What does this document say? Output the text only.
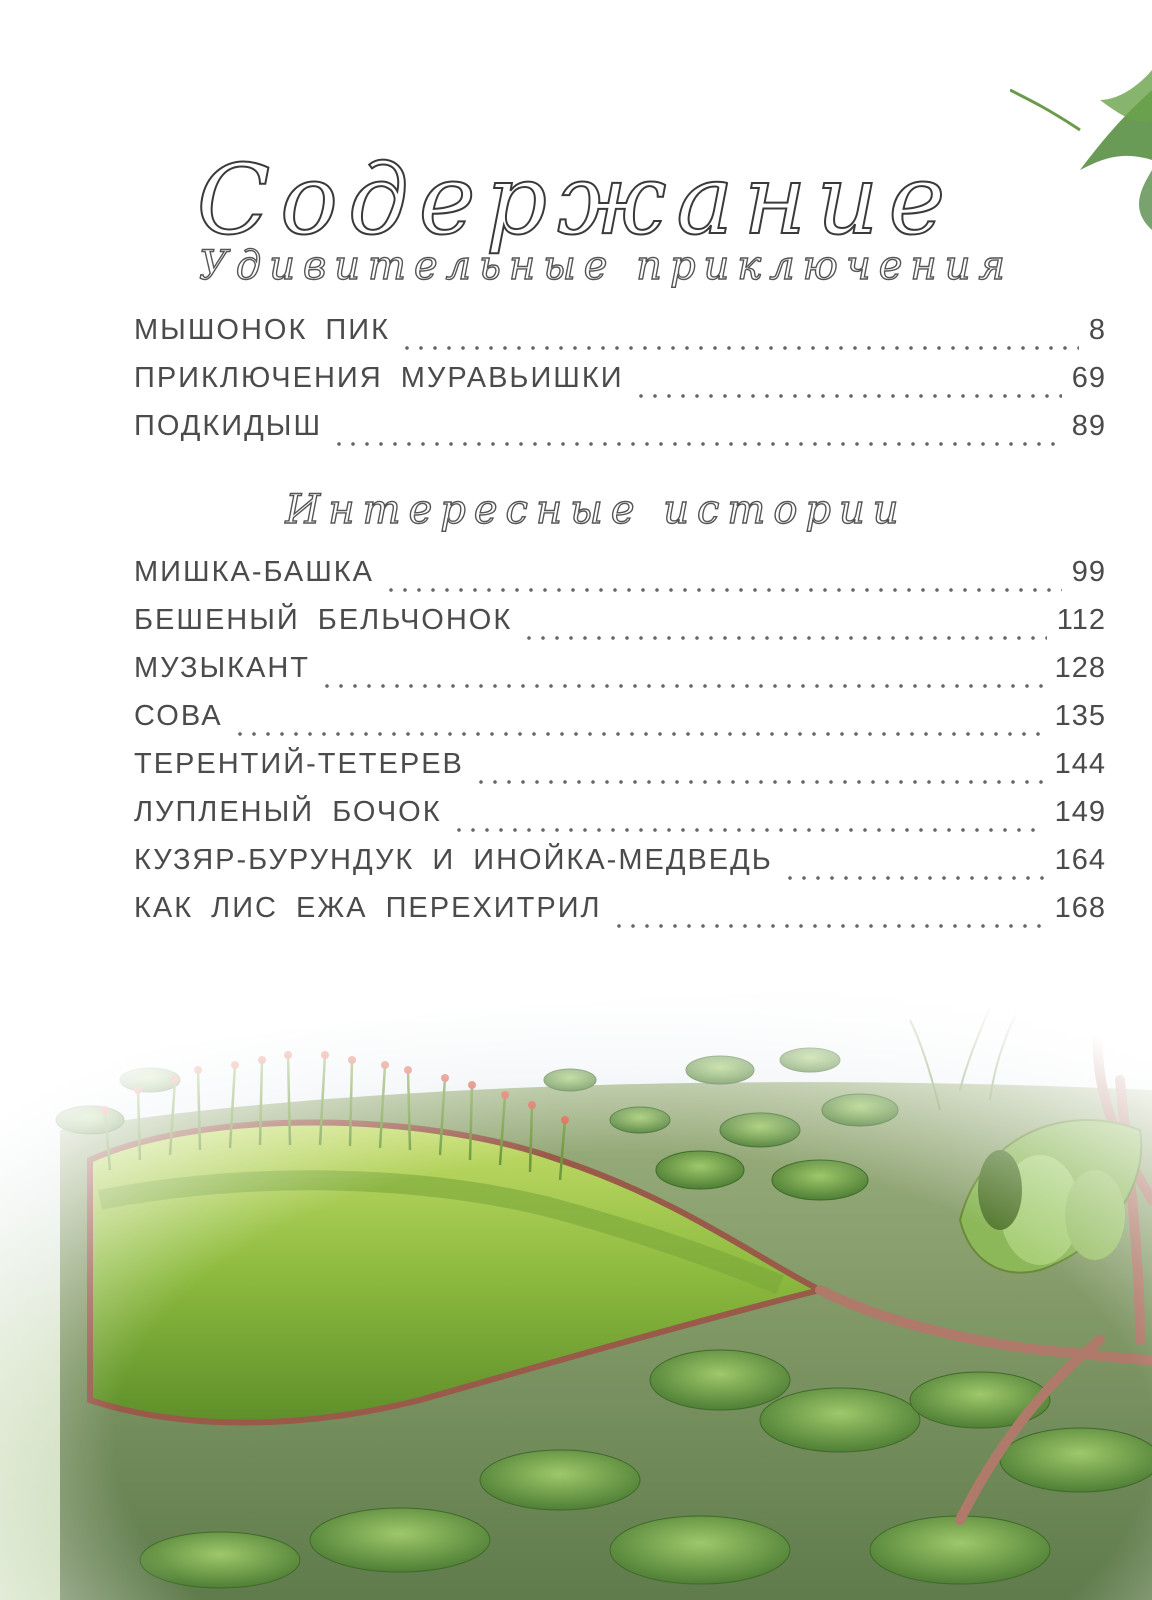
Содержание
Удивительные приключения
МЫШОНОК ПИК	8
ПРИКЛЮЧЕНИЯ МУРАВЬИШКИ	69
ПОДКИДЫШ	89
Интересные истории
МИШКА-БАШКА	99
БЕШЕНЫЙ БЕЛЬЧОНОК	112
МУЗЫКАНТ	128
СОВА	135
ТЕРЕНТИЙ-ТЕТЕРЕВ	144
ЛУПЛЕНЫЙ БОЧОК	149
КУЗЯР-БУРУНДУК И ИНОЙКА-МЕДВЕДЬ	164
КАК ЛИС ЕЖА ПЕРЕХИТРИЛ	168
